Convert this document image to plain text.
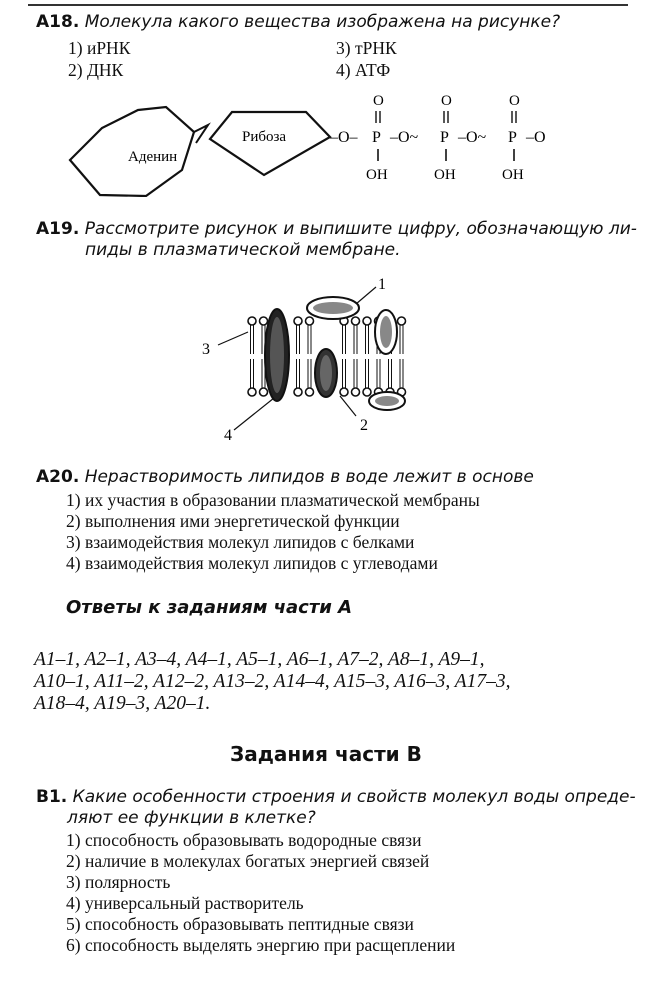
A18. Молекула какого вещества изображена на рисунке?
1) иРНК
2) ДНК
3) тРНК
4) АТФ
Аденин
Рибоза	–O– P –O~ P –O~ P –O
O	O	O
OH	OH	OH
A19. Рассмотрите рисунок и выпишите цифру, обозначающую ли-
пиды в плазматической мембране.
1
2
3
4
A20. Нерастворимость липидов в воде лежит в основе
1) их участия в образовании плазматической мембраны
2) выполнения ими энергетической функции
3) взаимодействия молекул липидов с белками
4) взаимодействия молекул липидов с углеводами
Ответы к заданиям части А
A1–1, A2–1, A3–4, A4–1, A5–1, A6–1, A7–2, A8–1, A9–1,
A10–1, A11–2, A12–2, A13–2, A14–4, A15–3, A16–3, A17–3,
A18–4, A19–3, A20–1.
Задания части В
B1. Какие особенности строения и свойств молекул воды опреде-
ляют ее функции в клетке?
1) способность образовывать водородные связи
2) наличие в молекулах богатых энергией связей
3) полярность
4) универсальный растворитель
5) способность образовывать пептидные связи
6) способность выделять энергию при расщеплении
